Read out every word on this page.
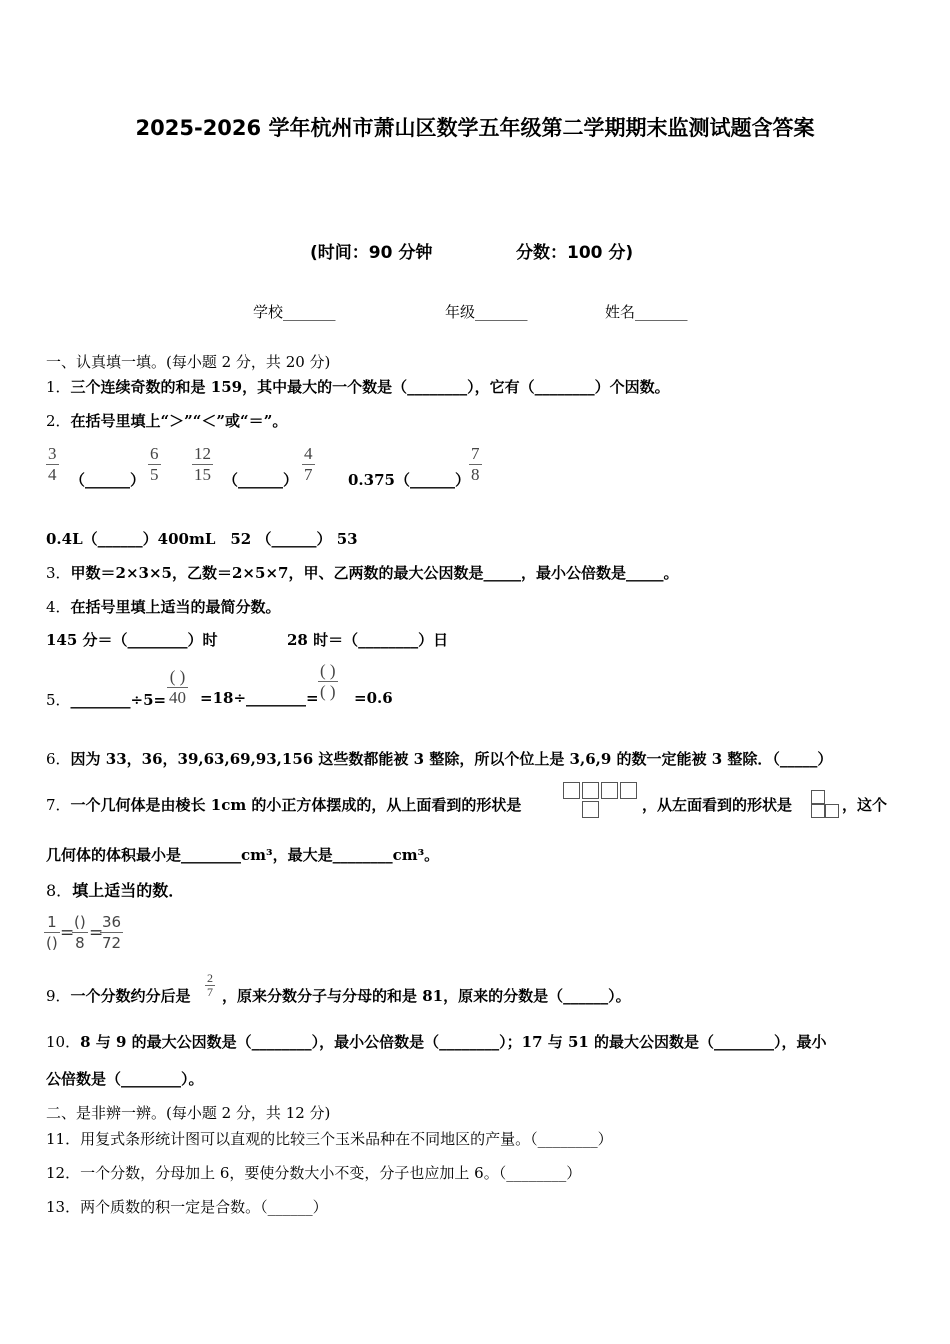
2025-2026 学年杭州市萧山区数学五年级第二学期期末监测试题含答案
(时间：90 分钟	分数：100 分)
学校_______	年级_______	姓名_______
一、认真填一填。(每小题 2 分，共 20 分)
1．三个连续奇数的和是 159，其中最大的一个数是（________），它有（________）个因数。
2．在括号里填上“＞”“＜”或“＝”。
$\frac{3}{4}$ （______） $\frac{6}{5} \frac{12}{15}$ （______） $\frac{4}{7}$ 0.375（______） $\frac{7}{8}$
0.4L（______）400mL　52 （______） 53
3．甲数＝2×3×5，乙数＝2×5×7，甲、乙两数的最大公因数是_____，最小公倍数是_____。
4．在括号里填上适当的最简分数。
145 分＝（________）时	28 时＝（________）日
5．________÷5=
( )
40 =18÷________=
( )
( ) =0.6
6．因为 33，36，39,63,69,93,156 这些数都能被 3 整除，所以个位上是 3,6,9 的数一定能被 3 整除．（_____）
7．一个几何体是由棱长 1cm 的小正方体摆成的，从上面看到的形状是	，从左面看到的形状是	，这个
几何体的体积最小是________cm³，最大是________cm³。
8．填上适当的数．
1
() =
()
8 =
$\frac{36}{72}$
9．一个分数约分后是 $\frac{2}{7}$ ，原来分数分子与分母的和是 81，原来的分数是（______）。
10．8 与 9 的最大公因数是（________），最小公倍数是（________）；17 与 51 的最大公因数是（________），最小
公倍数是（________）。
二、是非辨一辨。(每小题 2 分，共 12 分)
11．用复式条形统计图可以直观的比较三个玉米品种在不同地区的产量。（________）
12．一个分数，分母加上 6，要使分数大小不变，分子也应加上 6。（________）
13．两个质数的积一定是合数。（______）
